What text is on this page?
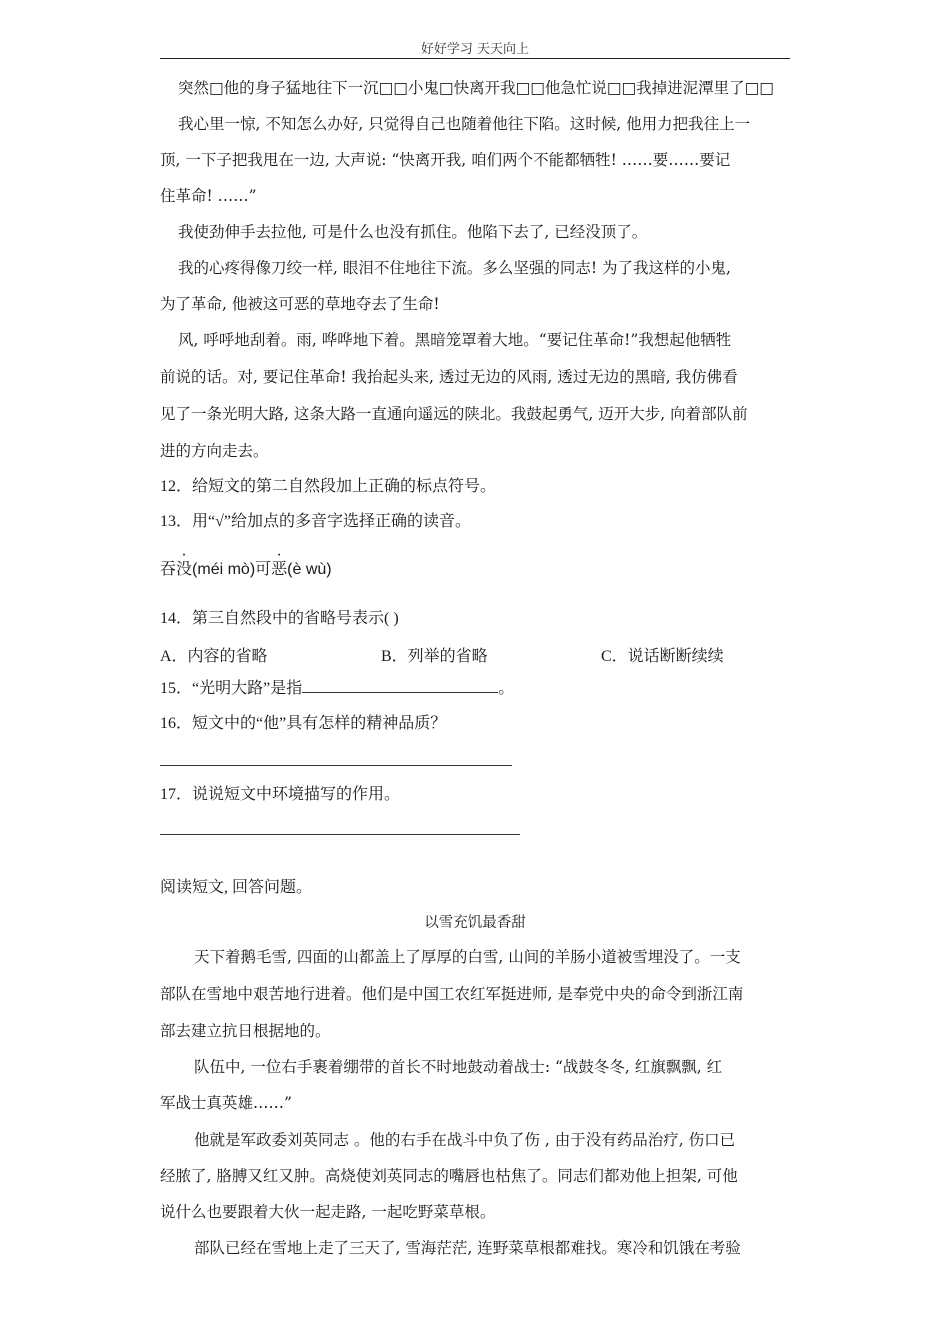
好好学习 天天向上
突然□他的身子猛地往下一沉□□小鬼□快离开我□□他急忙说□□我掉进泥潭里了□□
我心里一惊, 不知怎么办好, 只觉得自己也随着他往下陷。这时候, 他用力把我往上一
顶, 一下子把我甩在一边, 大声说: “快离开我, 咱们两个不能都牺牲! ……要……要记
住革命! ……”
我使劲伸手去拉他, 可是什么也没有抓住。他陷下去了, 已经没顶了。
我的心疼得像刀绞一样, 眼泪不住地往下流。多么坚强的同志! 为了我这样的小鬼,
为了革命, 他被这可恶的草地夺去了生命!
风, 呼呼地刮着。雨, 哗哗地下着。黑暗笼罩着大地。“要记住革命!”我想起他牺牲
前说的话。对, 要记住革命! 我抬起头来, 透过无边的风雨, 透过无边的黑暗, 我仿佛看
见了一条光明大路, 这条大路一直通向遥远的陕北。我鼓起勇气, 迈开大步, 向着部队前
进的方向走去。
12．给短文的第二自然段加上正确的标点符号。
13．用“√”给加点的多音字选择正确的读音。
吞没(méi mò)可恶(è wù)
14．第三自然段中的省略号表示( )
A．内容的省略	B．列举的省略	C．说话断断续续
15．“光明大路”是指	。
16．短文中的“他”具有怎样的精神品质？
17．说说短文中环境描写的作用。
阅读短文, 回答问题。
以雪充饥最香甜
天下着鹅毛雪, 四面的山都盖上了厚厚的白雪, 山间的羊肠小道被雪埋没了。一支
部队在雪地中艰苦地行进着。他们是中国工农红军挺进师, 是奉党中央的命令到浙江南
部去建立抗日根据地的。
队伍中, 一位右手裹着绷带的首长不时地鼓动着战士: “战鼓冬冬, 红旗飘飘, 红
军战士真英雄……”
他就是军政委刘英同志 。他的右手在战斗中负了伤 , 由于没有药品治疗, 伤口已
经脓了, 胳膊又红又肿。高烧使刘英同志的嘴唇也枯焦了。同志们都劝他上担架, 可他
说什么也要跟着大伙一起走路, 一起吃野菜草根。
部队已经在雪地上走了三天了, 雪海茫茫, 连野菜草根都难找。寒冷和饥饿在考验
